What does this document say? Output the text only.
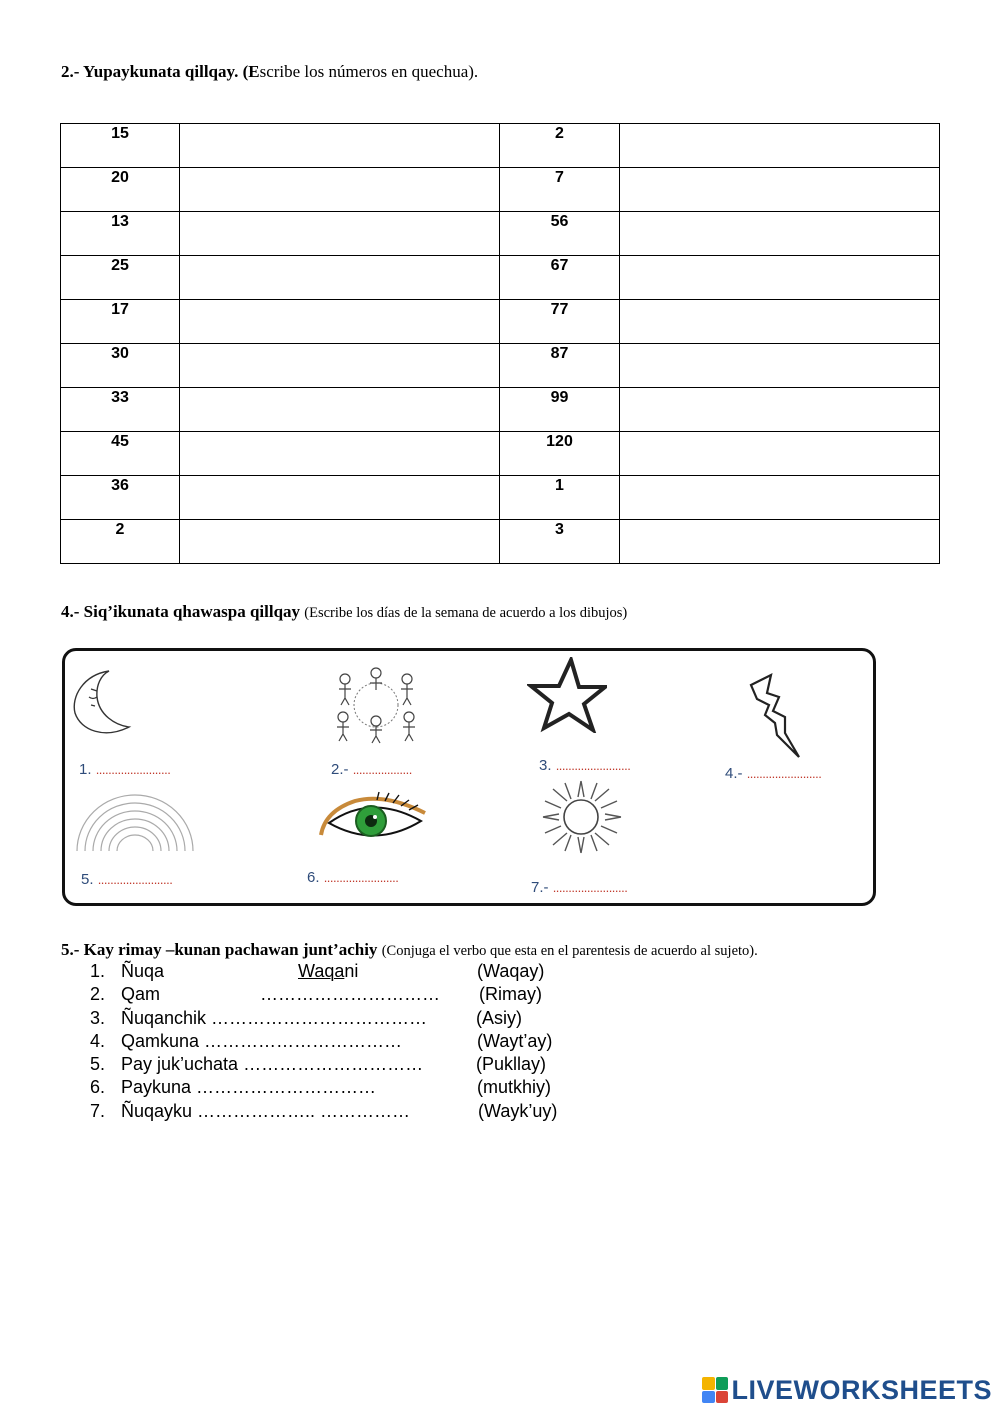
2.- Yupaykunata qillqay. (Escribe los números en quechua).
15		2	
20		7	
13		56	
25		67	
17		77	
30		87	
33		99	
45		120	
36		1	
2		3	
4.- Siq’ikunata qhawaspa qillqay (Escribe los días de la semana de acuerdo a los dibujos)
1. ........................	2.- ...................	3. ........................	4.- ........................
5. ........................	6. ........................
7.- ........................
5.- Kay rimay –kunan pachawan junt’achiy (Conjuga el verbo que esta en el parentesis de acuerdo al sujeto).
1. Ñuqa	Waqani	(Waqay)
2. Qam	………………………… (Rimay)
3. Ñuqanchik ………………………………	(Asiy)
4. Qamkuna ……………………………	(Wayt’ay)
5. Pay juk’uchata …………………………	(Pukllay)
6. Paykuna …………………………	(mutkhiy)
7. Ñuqayku ……………….. ……………	(Wayk’uy)
LIVEWORKSHEETS
